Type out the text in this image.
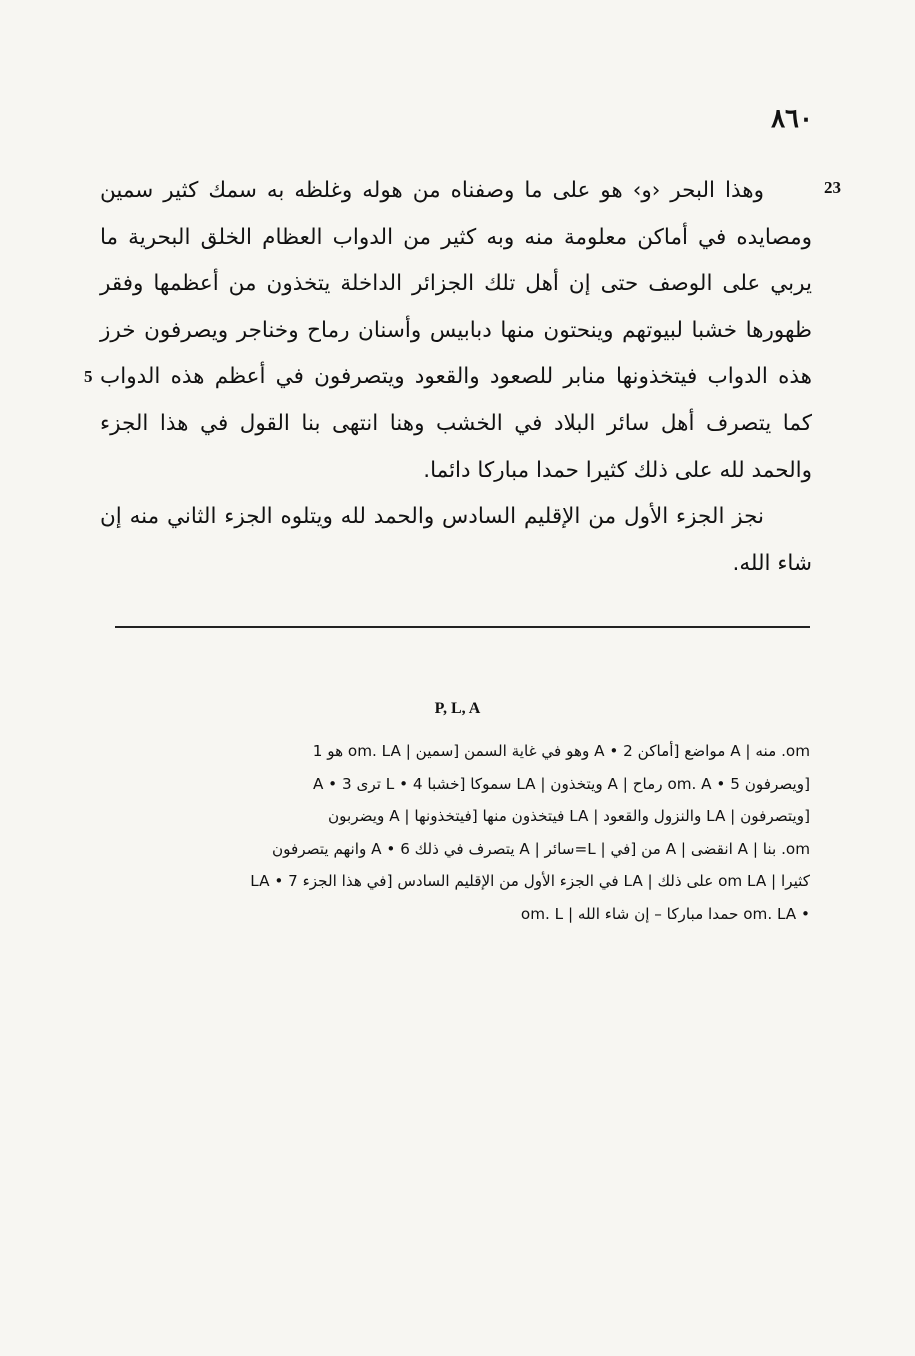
٨٦٠
23
5

وهذا البحر ‹و› هو على ما وصفناه من هوله وغلظه به سمك كثير سمين ومصايده في أماكن معلومة منه وبه كثير من الدواب العظام الخلق البحرية ما يربي على الوصف حتى إن أهل تلك الجزائر الداخلة يتخذون من أعظمها وفقر ظهورها خشبا لبيوتهم وينحتون منها دبابيس وأسنان رماح وخناجر ويصرفون خرز هذه الدواب فيتخذونها منابر للصعود والقعود ويتصرفون في أعظم هذه الدواب كما يتصرف أهل سائر البلاد في الخشب وهنا انتهى بنا القول في هذا الجزء والحمد لله على ذلك كثيرا حمدا مباركا دائما.

نجز الجزء الأول من الإقليم السادس والحمد لله ويتلوه الجزء الثاني منه إن شاء الله.

P, L, A
om. منه | A مواضع [أماكن 2 • A وهو في غاية السمن [سمين | om. LA هو 1
[ويصرفون 5 • om. A رماح | A ويتخذون | LA سموكا [خشبا 4 • L ترى 3 • A
[ويتصرفون | LA والنزول والقعود | LA فيتخذون منها [فيتخذونها | A ويضربون
om. بنا | A انقضى | A من [في | L=سائر | A يتصرف في ذلك 6 • A وانهم يتصرفون
كثيرا | om LA على ذلك | LA في الجزء الأول من الإقليم السادس [في هذا الجزء 7 • LA
• om. LA حمدا مباركا – إن شاء الله | om. L
